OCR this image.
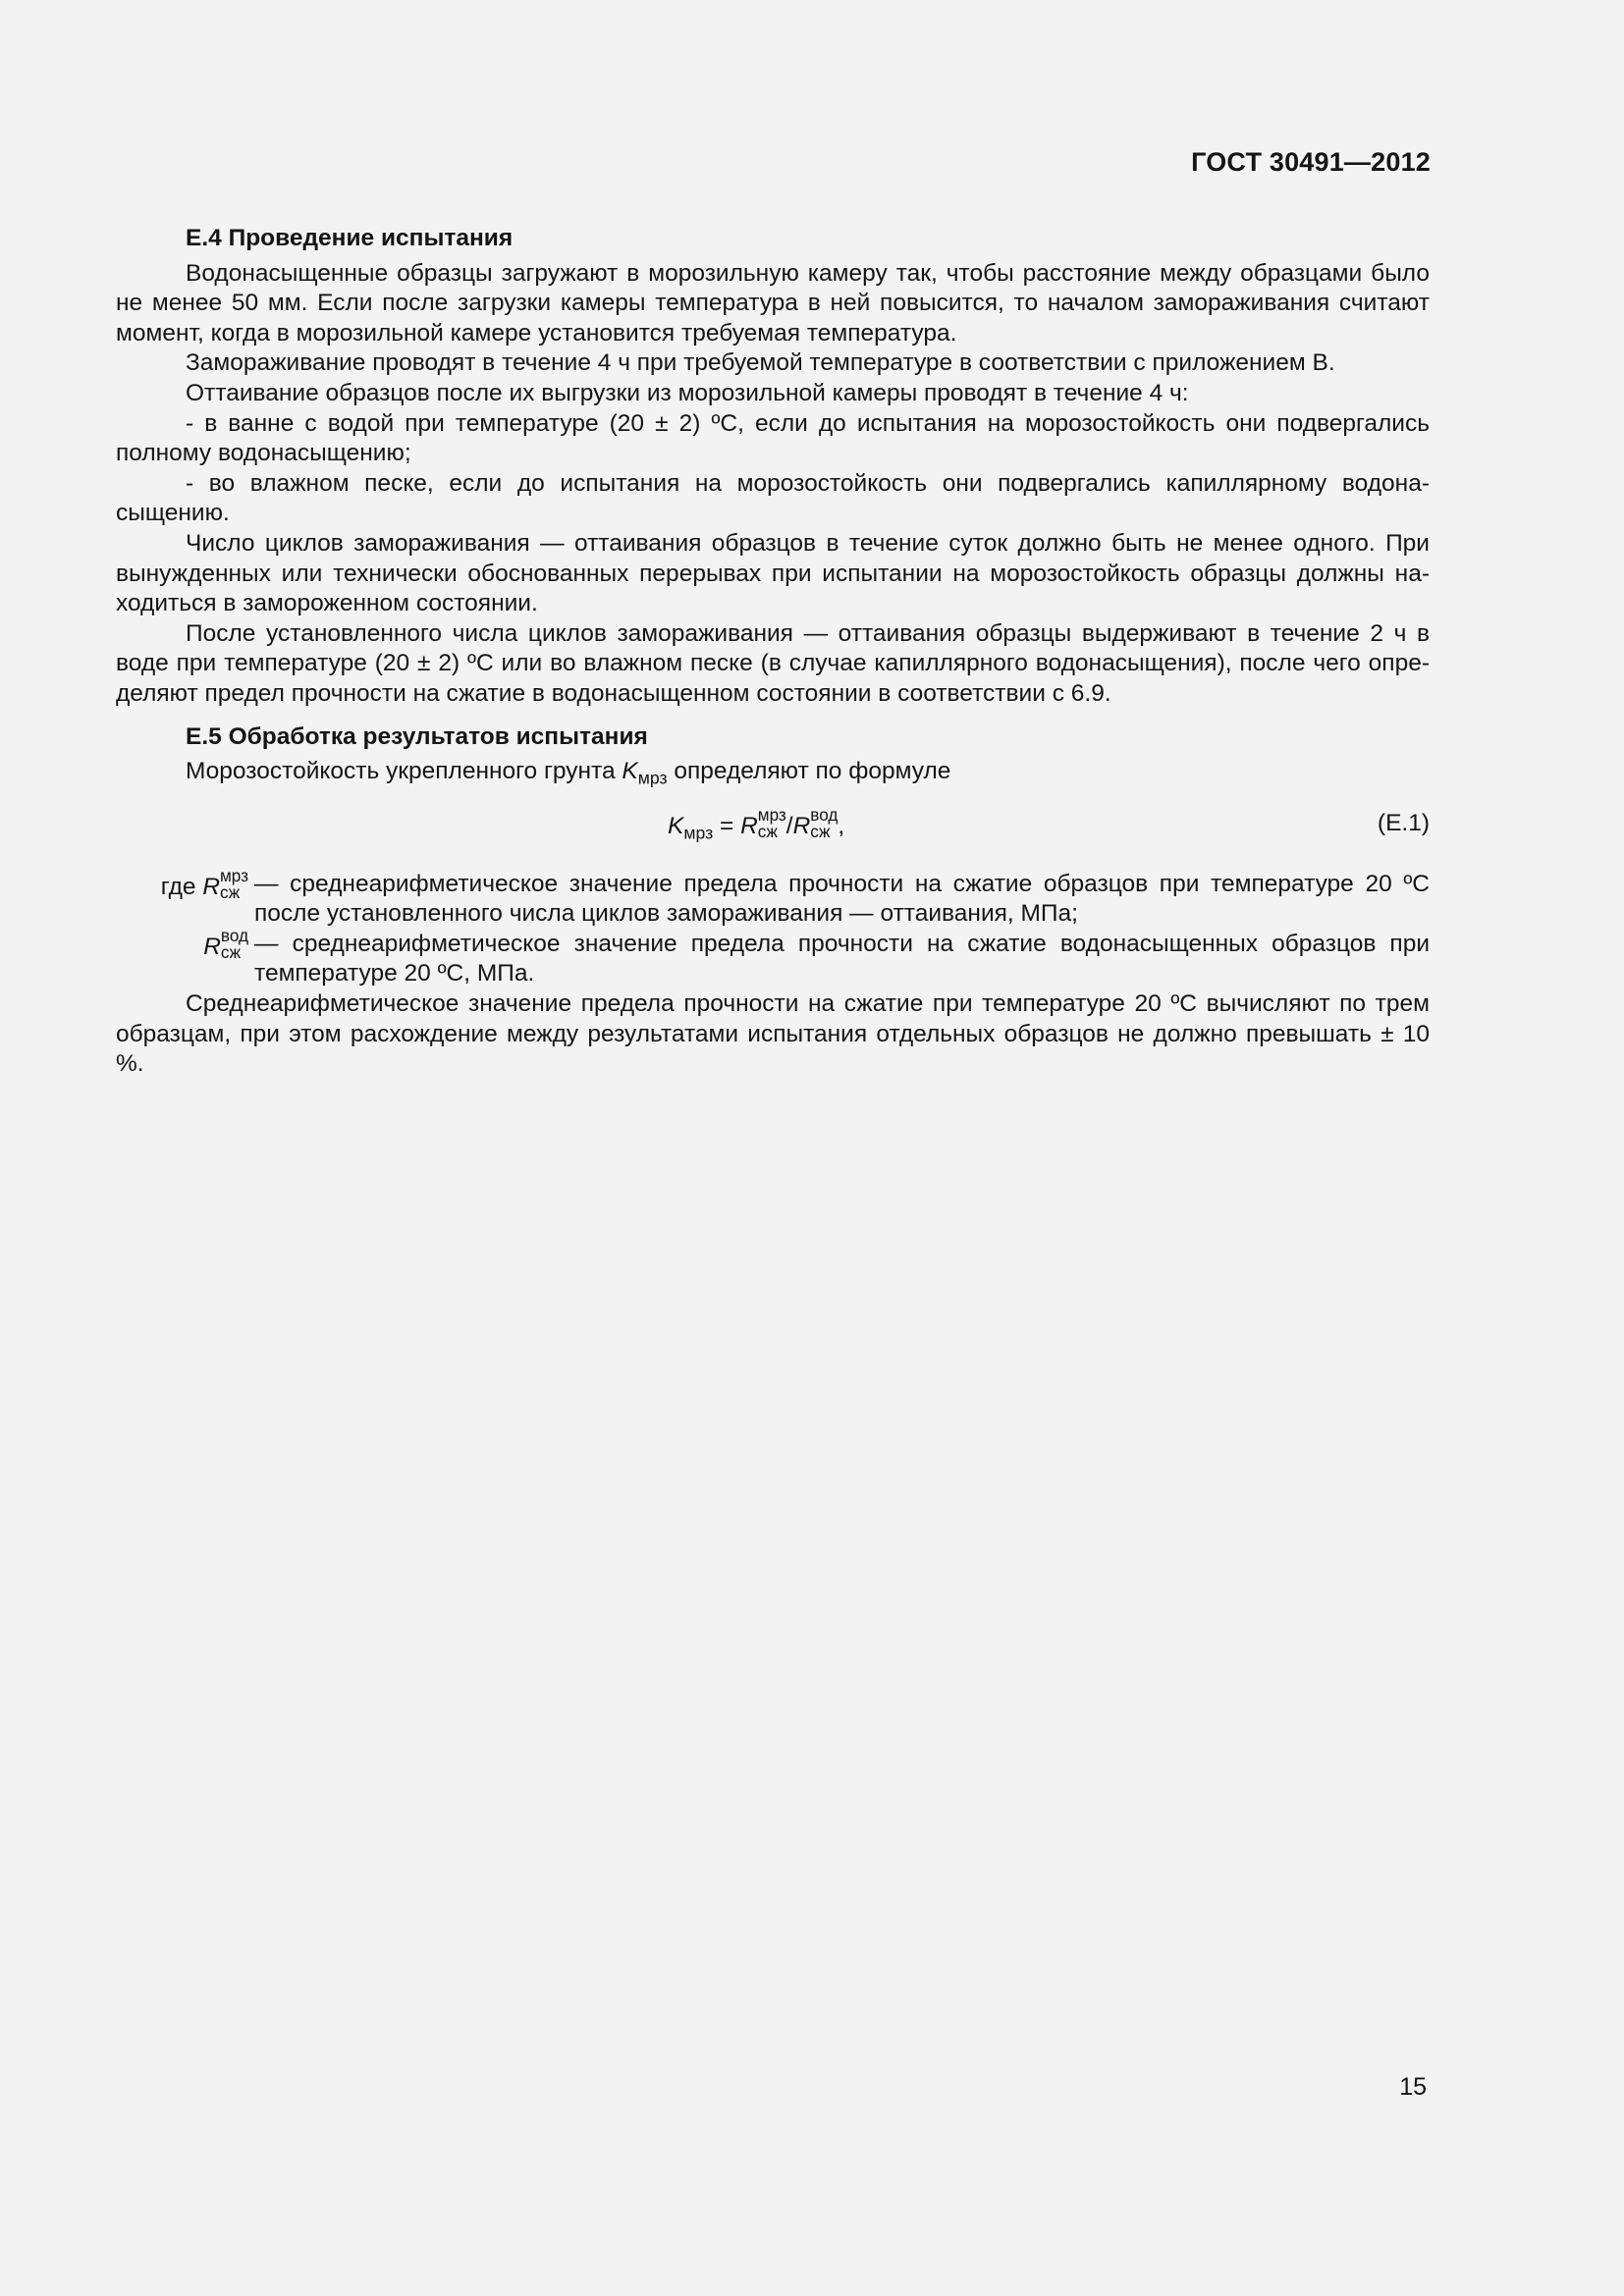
ГОСТ 30491—2012
Е.4 Проведение испытания

Водонасыщенные образцы загружают в морозильную камеру так, чтобы расстояние между образцами было не менее 50 мм. Если после загрузки камеры температура в ней повысится, то началом замораживания считают момент, когда в морозильной камере установится требуемая температура.

Замораживание проводят в течение 4 ч при требуемой температуре в соответствии с приложением В.

Оттаивание образцов после их выгрузки из морозильной камеры проводят в течение 4 ч:

- в ванне с водой при температуре (20 ± 2) ºС, если до испытания на морозостойкость они подвергались полному водонасыщению;

- во влажном песке, если до испытания на морозостойкость они подвергались капиллярному водонасыщению.

Число циклов замораживания — оттаивания образцов в течение суток должно быть не менее одного. При вынужденных или технически обоснованных перерывах при испытании на морозостойкость образцы должны находиться в замороженном состоянии.

После установленного числа циклов замораживания — оттаивания образцы выдерживают в течение 2 ч в воде при температуре (20 ± 2) ºС или во влажном песке (в случае капиллярного водонасыщения), после чего определяют предел прочности на сжатие в водонасыщенном состоянии в соответствии с 6.9.

Е.5 Обработка результатов испытания

Морозостойкость укрепленного грунта $K_{мрз}$ определяют по формуле

$K_{мрз} = R$ мрз
сж /R вод
сж ,	(Е.1)
где R мрз
сж — среднеарифметическое значение предела прочности на сжатие образцов при температуре 20 ºС после установленного числа циклов замораживания — оттаивания, МПа;
R вод
сж — среднеарифметическое значение предела прочности на сжатие водонасыщенных образцов при температуре 20 ºС, МПа.

Среднеарифметическое значение предела прочности на сжатие при температуре 20 ºС вычисляют по трем образцам, при этом расхождение между результатами испытания отдельных образцов не должно превышать ± 10 %.

15
